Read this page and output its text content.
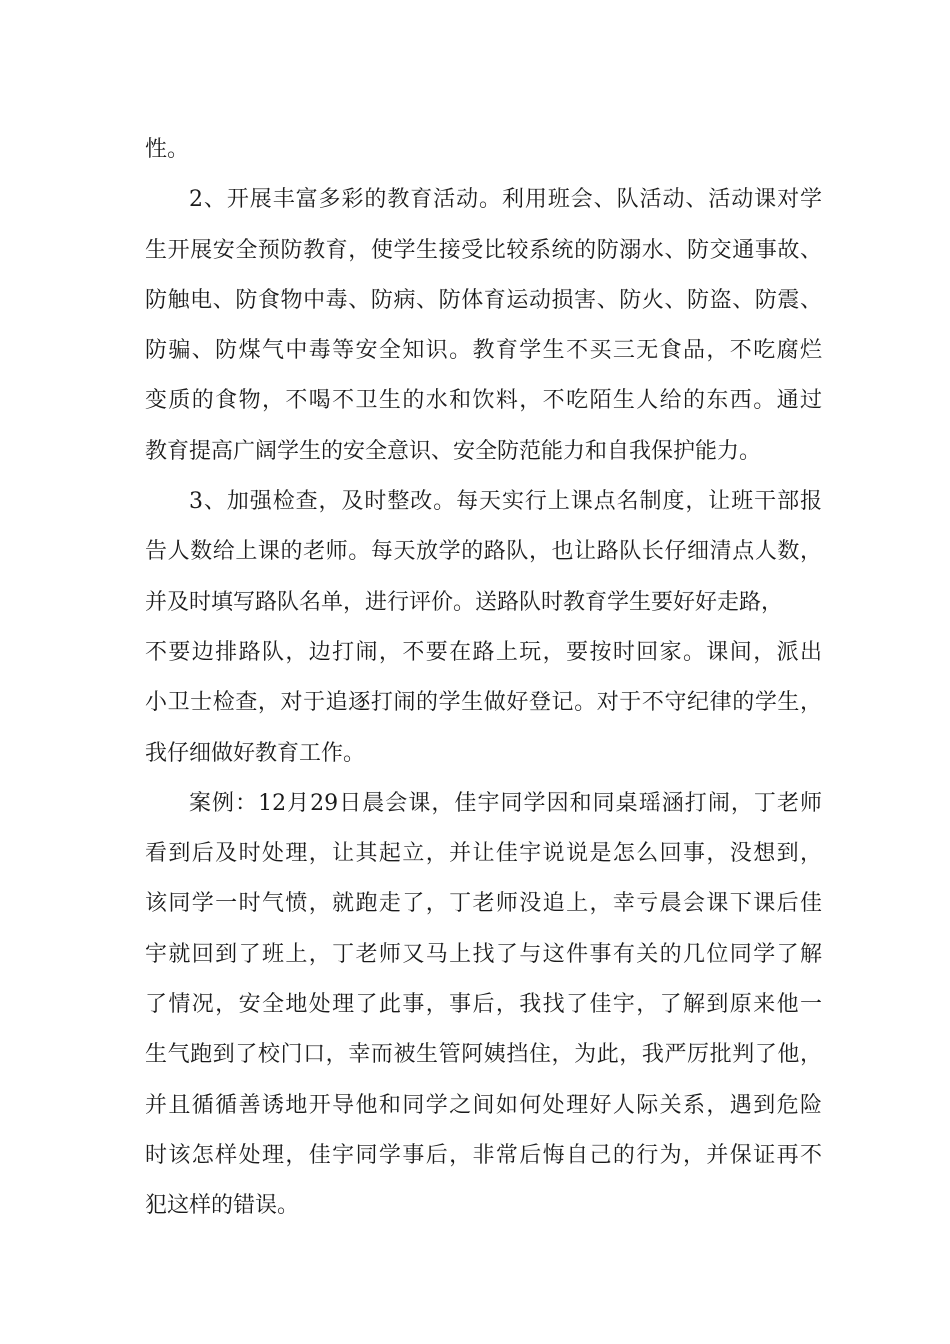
性。
2、开展丰富多彩的教育活动。利用班会、队活动、活动课对学
生开展安全预防教育，使学生接受比较系统的防溺水、防交通事故、
防触电、防食物中毒、防病、防体育运动损害、防火、防盗、防震、
防骗、防煤气中毒等安全知识。教育学生不买三无食品，不吃腐烂
变质的食物，不喝不卫生的水和饮料，不吃陌生人给的东西。通过
教育提高广阔学生的安全意识、安全防范能力和自我保护能力。
3、加强检查，及时整改。每天实行上课点名制度，让班干部报
告人数给上课的老师。每天放学的路队，也让路队长仔细清点人数，
并及时填写路队名单，进行评价。送路队时教育学生要好好走路，
不要边排路队，边打闹，不要在路上玩，要按时回家。课间，派出
小卫士检查，对于追逐打闹的学生做好登记。对于不守纪律的学生，
我仔细做好教育工作。
案例：12月29日晨会课，佳宇同学因和同桌瑶涵打闹，丁老师
看到后及时处理，让其起立，并让佳宇说说是怎么回事，没想到，
该同学一时气愤，就跑走了，丁老师没追上，幸亏晨会课下课后佳
宇就回到了班上，丁老师又马上找了与这件事有关的几位同学了解
了情况，安全地处理了此事，事后，我找了佳宇，了解到原来他一
生气跑到了校门口，幸而被生管阿姨挡住，为此，我严厉批判了他，
并且循循善诱地开导他和同学之间如何处理好人际关系，遇到危险
时该怎样处理，佳宇同学事后，非常后悔自己的行为，并保证再不
犯这样的错误。
